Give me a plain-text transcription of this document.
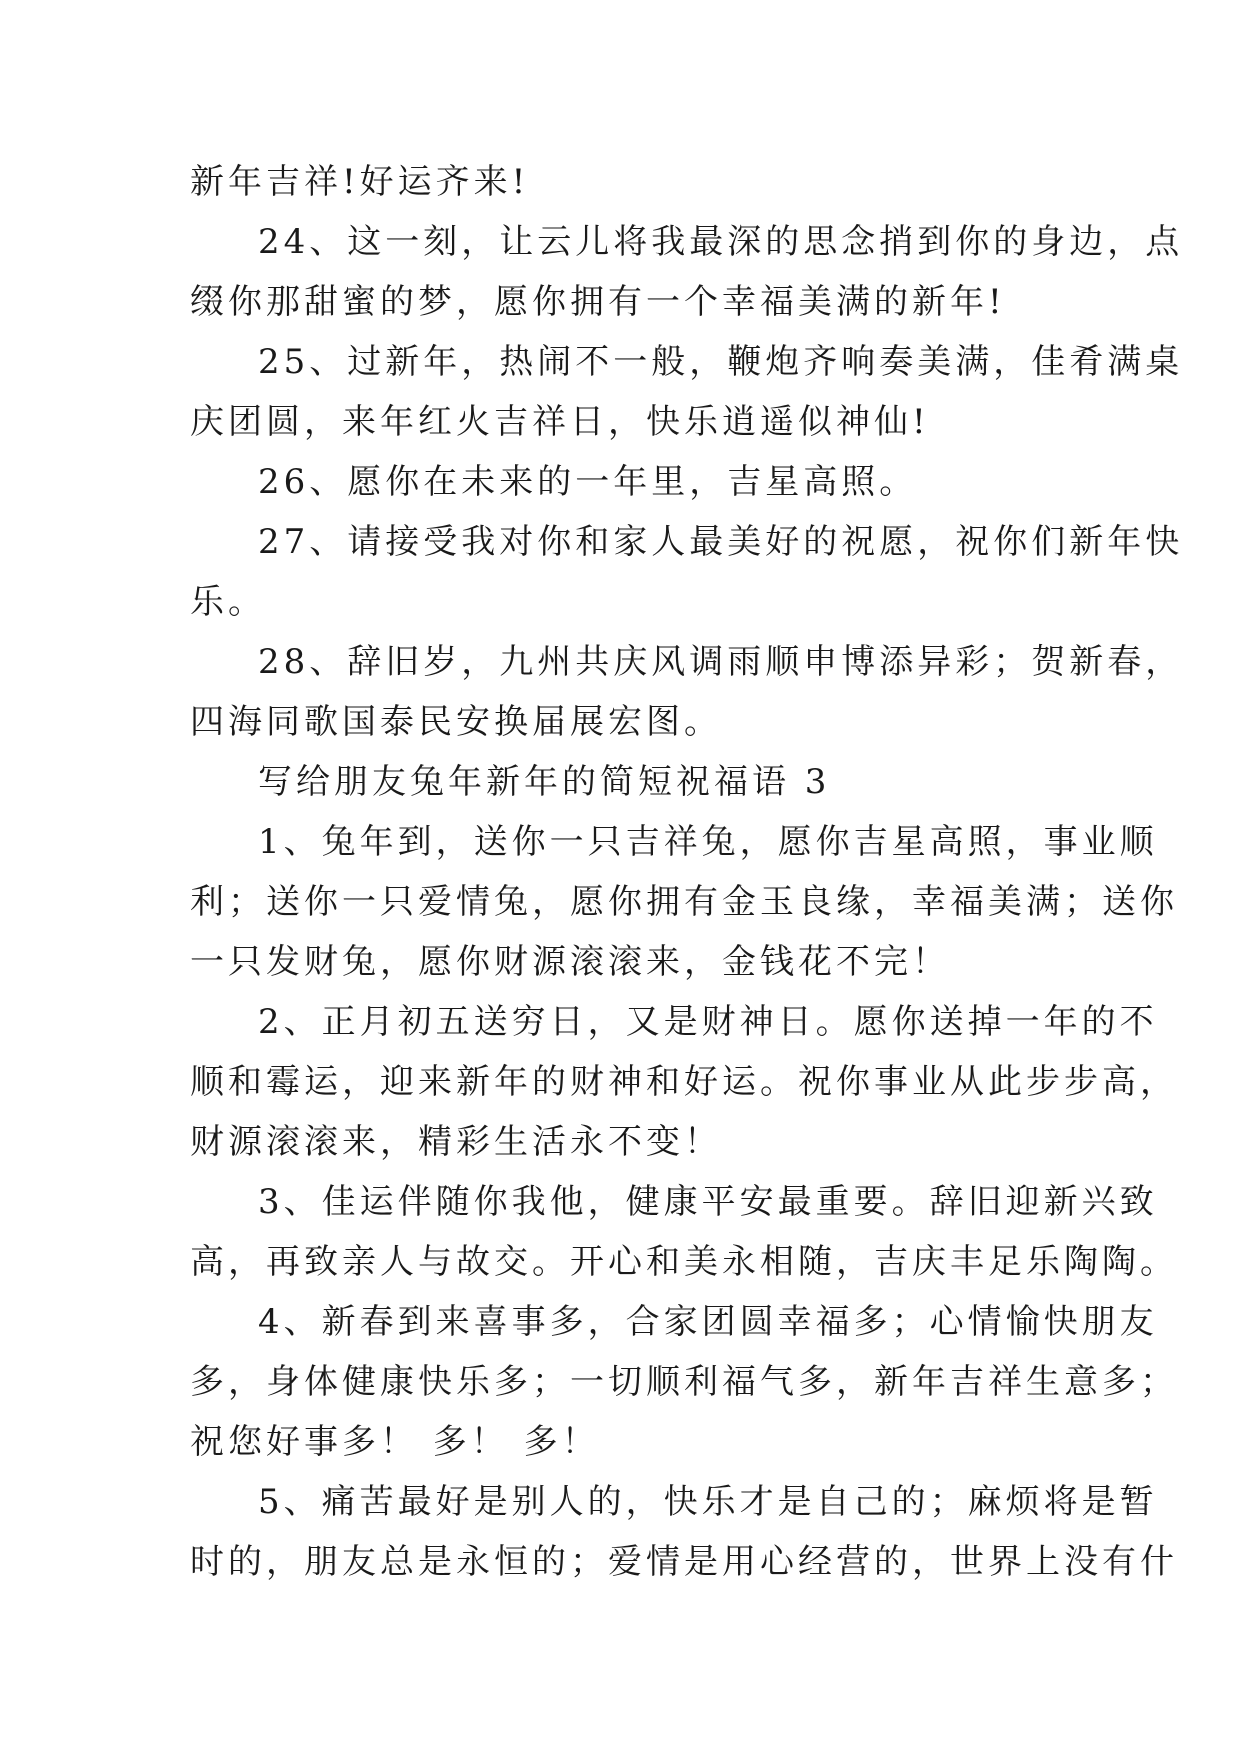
新年吉祥!好运齐来!
24、这一刻，让云儿将我最深的思念捎到你的身边，点
缀你那甜蜜的梦，愿你拥有一个幸福美满的新年!
25、过新年，热闹不一般，鞭炮齐响奏美满，佳肴满桌
庆团圆，来年红火吉祥日，快乐逍遥似神仙!
26、愿你在未来的一年里，吉星高照。
27、请接受我对你和家人最美好的祝愿，祝你们新年快
乐。
28、辞旧岁，九州共庆风调雨顺申博添异彩；贺新春，
四海同歌国泰民安换届展宏图。
写给朋友兔年新年的简短祝福语 3
1、兔年到，送你一只吉祥兔，愿你吉星高照，事业顺
利；送你一只爱情兔，愿你拥有金玉良缘，幸福美满；送你
一只发财兔，愿你财源滚滚来，金钱花不完！
2、正月初五送穷日，又是财神日。愿你送掉一年的不
顺和霉运，迎来新年的财神和好运。祝你事业从此步步高，
财源滚滚来，精彩生活永不变！
3、佳运伴随你我他，健康平安最重要。辞旧迎新兴致
高，再致亲人与故交。开心和美永相随，吉庆丰足乐陶陶。
4、新春到来喜事多，合家团圆幸福多；心情愉快朋友
多，身体健康快乐多；一切顺利福气多，新年吉祥生意多；
祝您好事多！ 多！ 多！
5、痛苦最好是别人的，快乐才是自己的；麻烦将是暂
时的，朋友总是永恒的；爱情是用心经营的，世界上没有什
